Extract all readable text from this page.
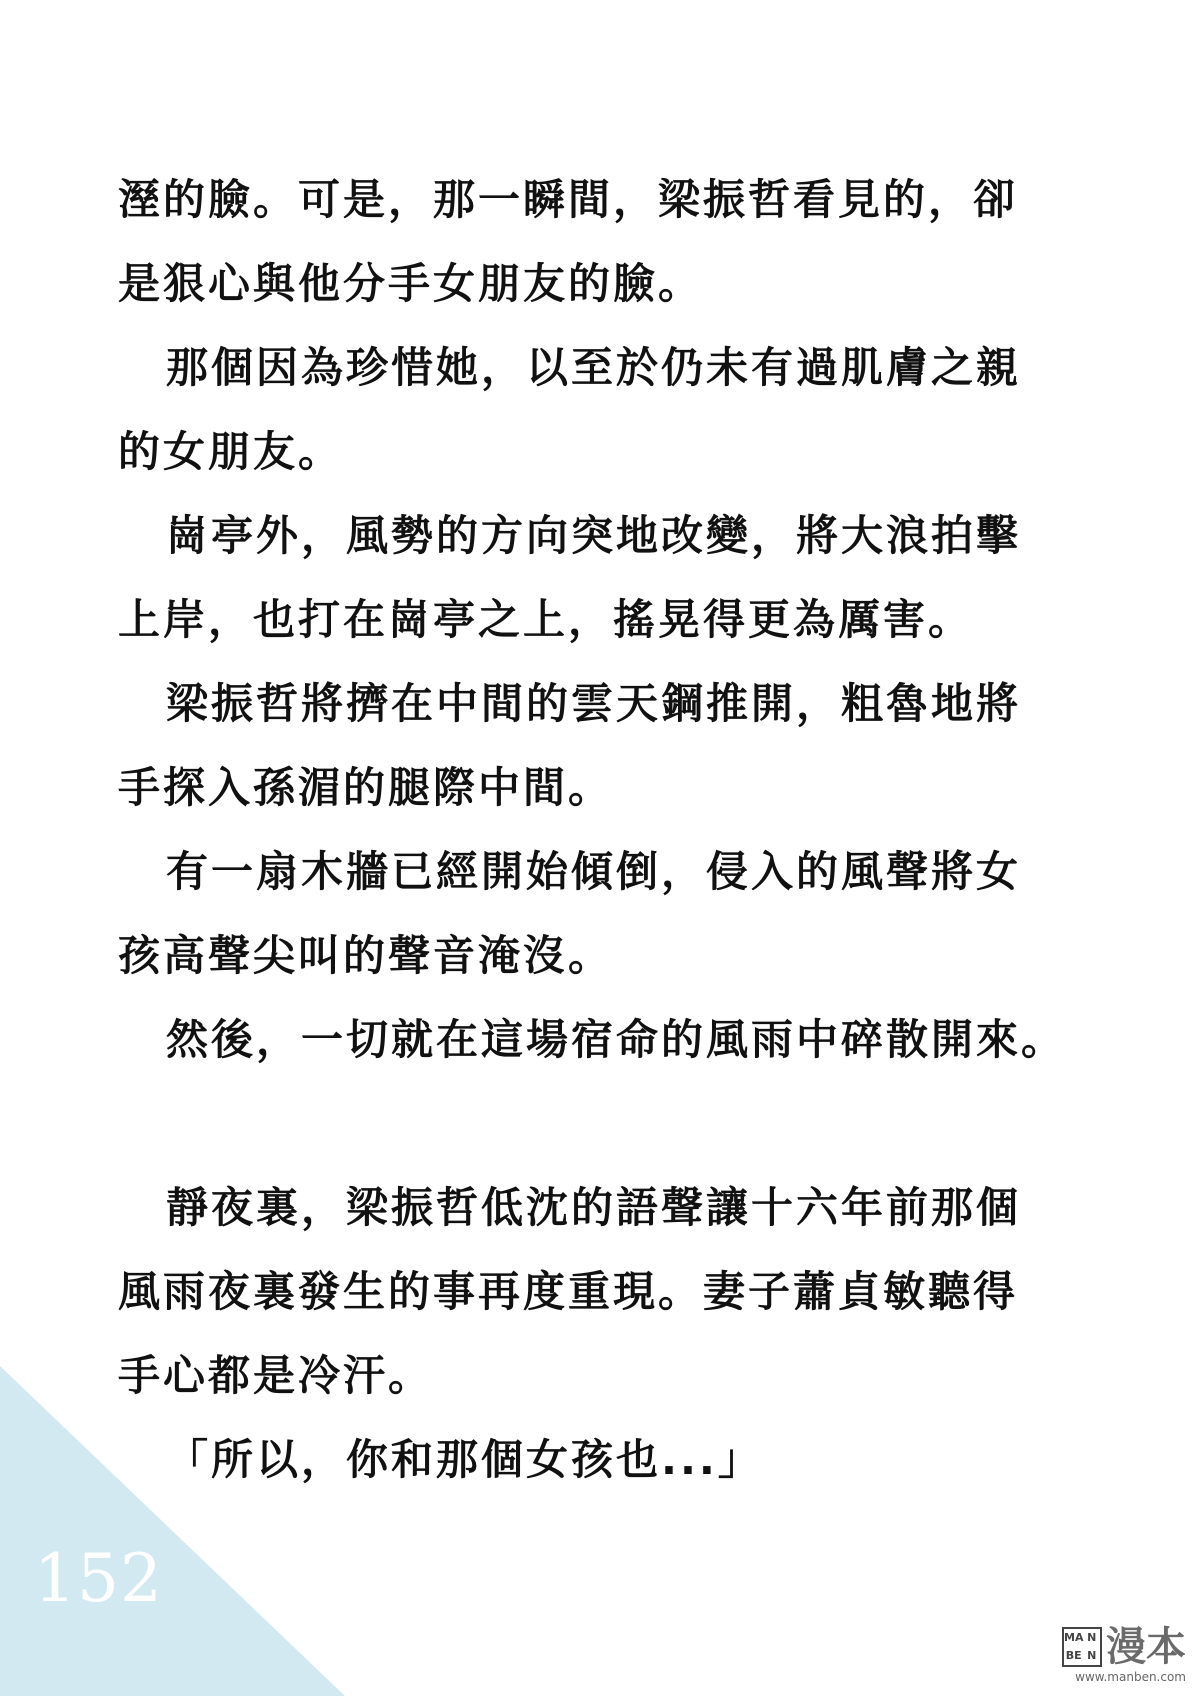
溼的臉。可是，那一瞬間，梁振哲看見的，卻
是狠心與他分手女朋友的臉。
那個因為珍惜她，以至於仍未有過肌膚之親
的女朋友。
崗亭外，風勢的方向突地改變，將大浪拍擊
上岸，也打在崗亭之上，搖晃得更為厲害。
梁振哲將擠在中間的雲天鋼推開，粗魯地將
手探入孫湄的腿際中間。
有一扇木牆已經開始傾倒，侵入的風聲將女
孩高聲尖叫的聲音淹沒。
然後，一切就在這場宿命的風雨中碎散開來。
靜夜裏，梁振哲低沈的語聲讓十六年前那個
風雨夜裏發生的事再度重現。妻子蕭貞敏聽得
手心都是冷汗。
「所以，你和那個女孩也...」
152
MA N
BE N 漫本
www.manben.com
